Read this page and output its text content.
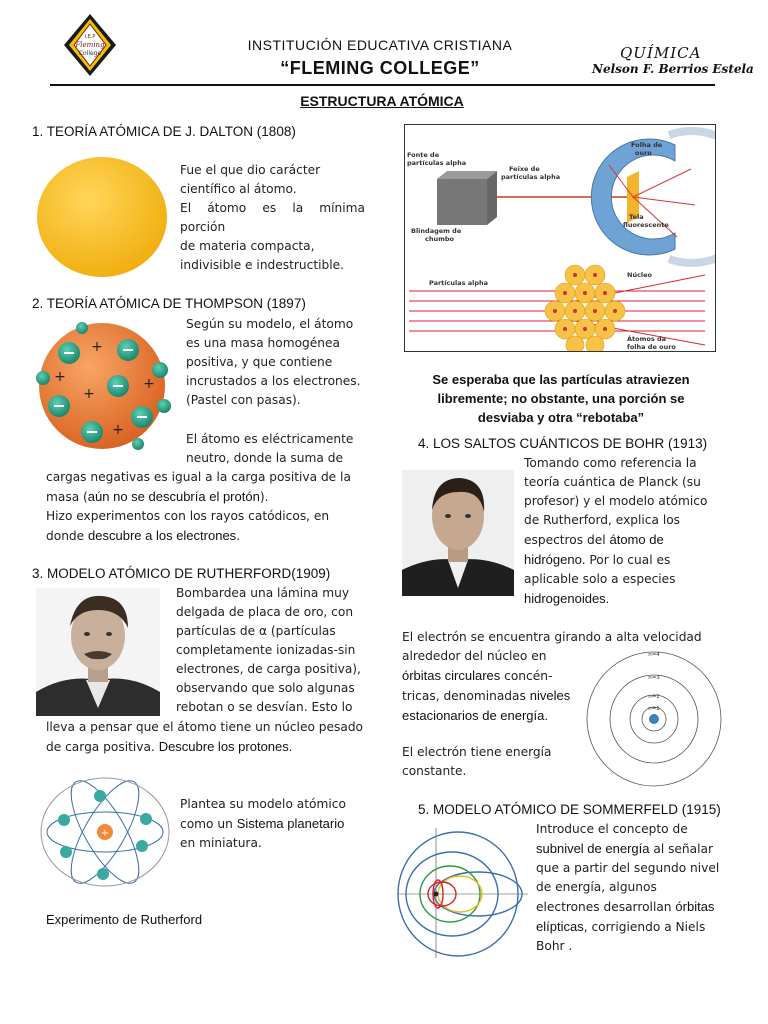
I.E.P
Fleming
College
INSTITUCIÓN EDUCATIVA CRISTIANA
“FLEMING COLLEGE”
QUÍMICA
Nelson F. Berrios Estela
ESTRUCTURA ATÓMICA
1. TEORÍA ATÓMICA DE J. DALTON (1808)
Fue el que dio carácter
científico al átomo.
El átomo es la mínima porción
de materia compacta,
indivisible e indestructible.
2. TEORÍA ATÓMICA DE THOMPSON (1897)
+
+
+
+
+
Según su modelo, el átomo
es una masa homogénea
positiva, y que contiene
incrustados a los electrones.
(Pastel con pasas).
El átomo es eléctricamente
neutro, donde la suma de
cargas negativas es igual a la carga positiva de la
masa (aún no se descubría el protón).
Hizo experimentos con los rayos catódicos, en
donde descubre a los electrones.
3. MODELO ATÓMICO DE RUTHERFORD(1909)
Bombardea una lámina muy
delgada de placa de oro, con
partículas de α (partículas
completamente ionizadas-sin
electrones, de carga positiva),
observando que solo algunas
rebotan o se desvían. Esto lo
lleva a pensar que el átomo tiene un núcleo pesado
de carga positiva. Descubre los protones.
+
Plantea su modelo atómico
como un Sistema planetario
en miniatura.
Experimento de Rutherford
Fonte de
partículas alpha
Feixe de
partículas alpha
Folha de
ouro
Tela
fluorescente
Blindagem de
chumbo
Partículas alpha
Núcleo
Átomos da
folha de ouro
Se esperaba que las partículas atraviezen
libremente; no obstante, una porción se
desviaba y otra “rebotaba”
4. LOS SALTOS CUÁNTICOS DE BOHR (1913)
Tomando como referencia la
teoría cuántica de Planck (su
profesor) y el modelo atómico
de Rutherford, explica los
espectros del átomo de
hidrógeno. Por lo cual es
aplicable solo a especies
hidrogenoides.
El electrón se encuentra girando a alta velocidad
alrededor del núcleo en
órbitas circulares concén-
tricas, denominadas niveles
estacionarios de energía.
El electrón tiene energía
constante.
n=4
n=3
n=2
n=1
5. MODELO ATÓMICO DE SOMMERFELD (1915)
Introduce el concepto de
subnivel de energía al señalar
que a partir del segundo nivel
de energía, algunos
electrones desarrollan órbitas
elípticas, corrigiendo a Niels
Bohr .
